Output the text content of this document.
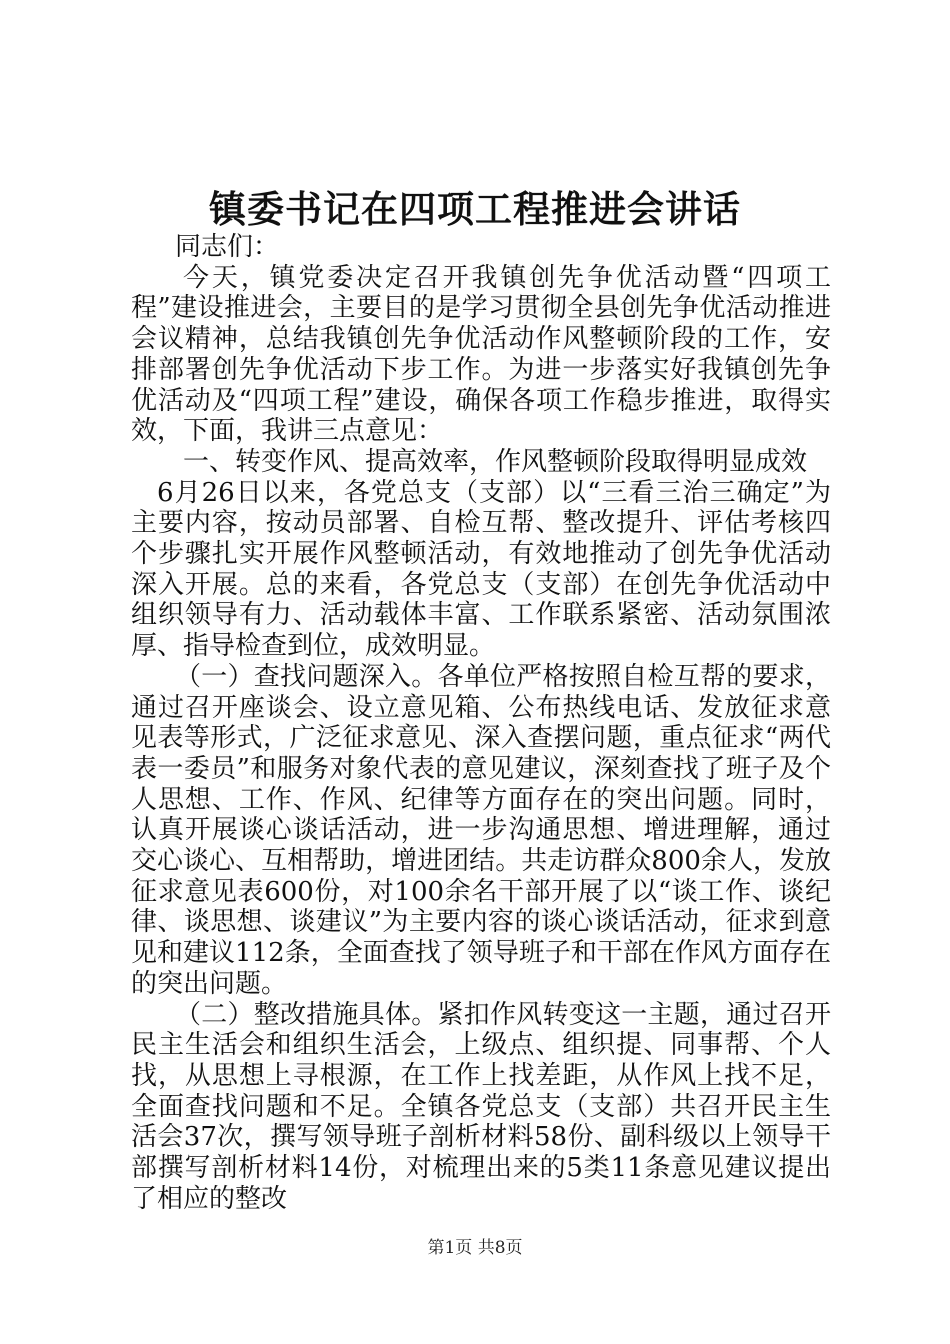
镇委书记在四项工程推进会讲话

同志们：

今天，镇党委决定召开我镇创先争优活动暨“四项工程”建设推进会，主要目的是学习贯彻全县创先争优活动推进会议精神，总结我镇创先争优活动作风整顿阶段的工作，安排部署创先争优活动下步工作。为进一步落实好我镇创先争优活动及“四项工程”建设，确保各项工作稳步推进，取得实效，下面，我讲三点意见：

一、转变作风、提高效率，作风整顿阶段取得明显成效

6月26日以来，各党总支（支部）以“三看三治三确定”为主要内容，按动员部署、自检互帮、整改提升、评估考核四个步骤扎实开展作风整顿活动，有效地推动了创先争优活动深入开展。总的来看，各党总支（支部）在创先争优活动中组织领导有力、活动载体丰富、工作联系紧密、活动氛围浓厚、指导检查到位，成效明显。

（一）查找问题深入。各单位严格按照自检互帮的要求，通过召开座谈会、设立意见箱、公布热线电话、发放征求意见表等形式，广泛征求意见、深入查摆问题，重点征求“两代表一委员”和服务对象代表的意见建议，深刻查找了班子及个人思想、工作、作风、纪律等方面存在的突出问题。同时，认真开展谈心谈话活动，进一步沟通思想、增进理解，通过交心谈心、互相帮助，增进团结。共走访群众800余人，发放征求意见表600份，对100余名干部开展了以“谈工作、谈纪律、谈思想、谈建议”为主要内容的谈心谈话活动，征求到意见和建议112条，全面查找了领导班子和干部在作风方面存在的突出问题。

（二）整改措施具体。紧扣作风转变这一主题，通过召开民主生活会和组织生活会，上级点、组织提、同事帮、个人找，从思想上寻根源，在工作上找差距，从作风上找不足，全面查找问题和不足。全镇各党总支（支部）共召开民主生活会37次，撰写领导班子剖析材料58份、副科级以上领导干部撰写剖析材料14份，对梳理出来的5类11条意见建议提出了相应的整改

第1页 共8页
